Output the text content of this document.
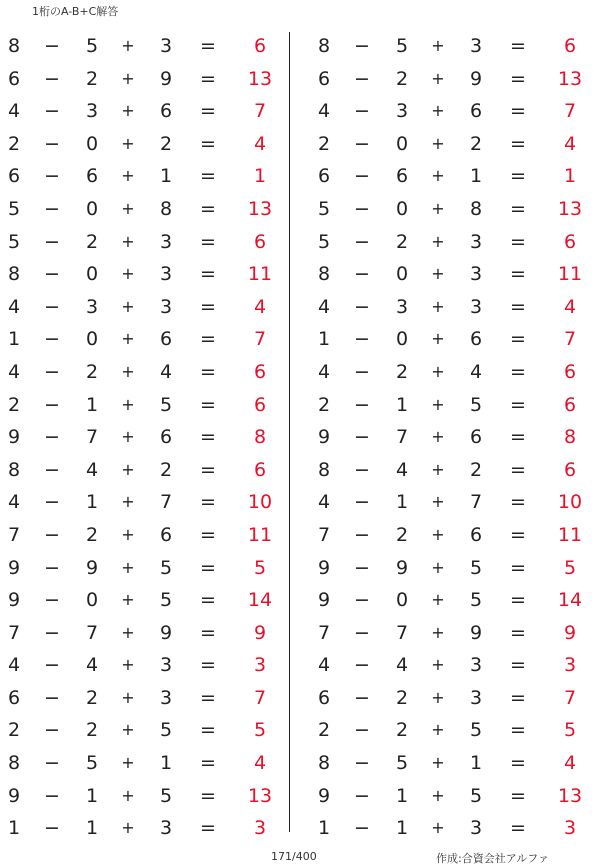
1桁のA-B+C解答
8	−	5	+	3	=	6
6	−	2	+	9	=	13
4	−	3	+	6	=	7
2	−	0	+	2	=	4
6	−	6	+	1	=	1
5	−	0	+	8	=	13
5	−	2	+	3	=	6
8	−	0	+	3	=	11
4	−	3	+	3	=	4
1	−	0	+	6	=	7
4	−	2	+	4	=	6
2	−	1	+	5	=	6
9	−	7	+	6	=	8
8	−	4	+	2	=	6
4	−	1	+	7	=	10
7	−	2	+	6	=	11
9	−	9	+	5	=	5
9	−	0	+	5	=	14
7	−	7	+	9	=	9
4	−	4	+	3	=	3
6	−	2	+	3	=	7
2	−	2	+	5	=	5
8	−	5	+	1	=	4
9	−	1	+	5	=	13
1	−	1	+	3	=	3
8	−	5	+	3	=	6
6	−	2	+	9	=	13
4	−	3	+	6	=	7
2	−	0	+	2	=	4
6	−	6	+	1	=	1
5	−	0	+	8	=	13
5	−	2	+	3	=	6
8	−	0	+	3	=	11
4	−	3	+	3	=	4
1	−	0	+	6	=	7
4	−	2	+	4	=	6
2	−	1	+	5	=	6
9	−	7	+	6	=	8
8	−	4	+	2	=	6
4	−	1	+	7	=	10
7	−	2	+	6	=	11
9	−	9	+	5	=	5
9	−	0	+	5	=	14
7	−	7	+	9	=	9
4	−	4	+	3	=	3
6	−	2	+	3	=	7
2	−	2	+	5	=	5
8	−	5	+	1	=	4
9	−	1	+	5	=	13
1	−	1	+	3	=	3
171/400	作成:合資会社アルファ
